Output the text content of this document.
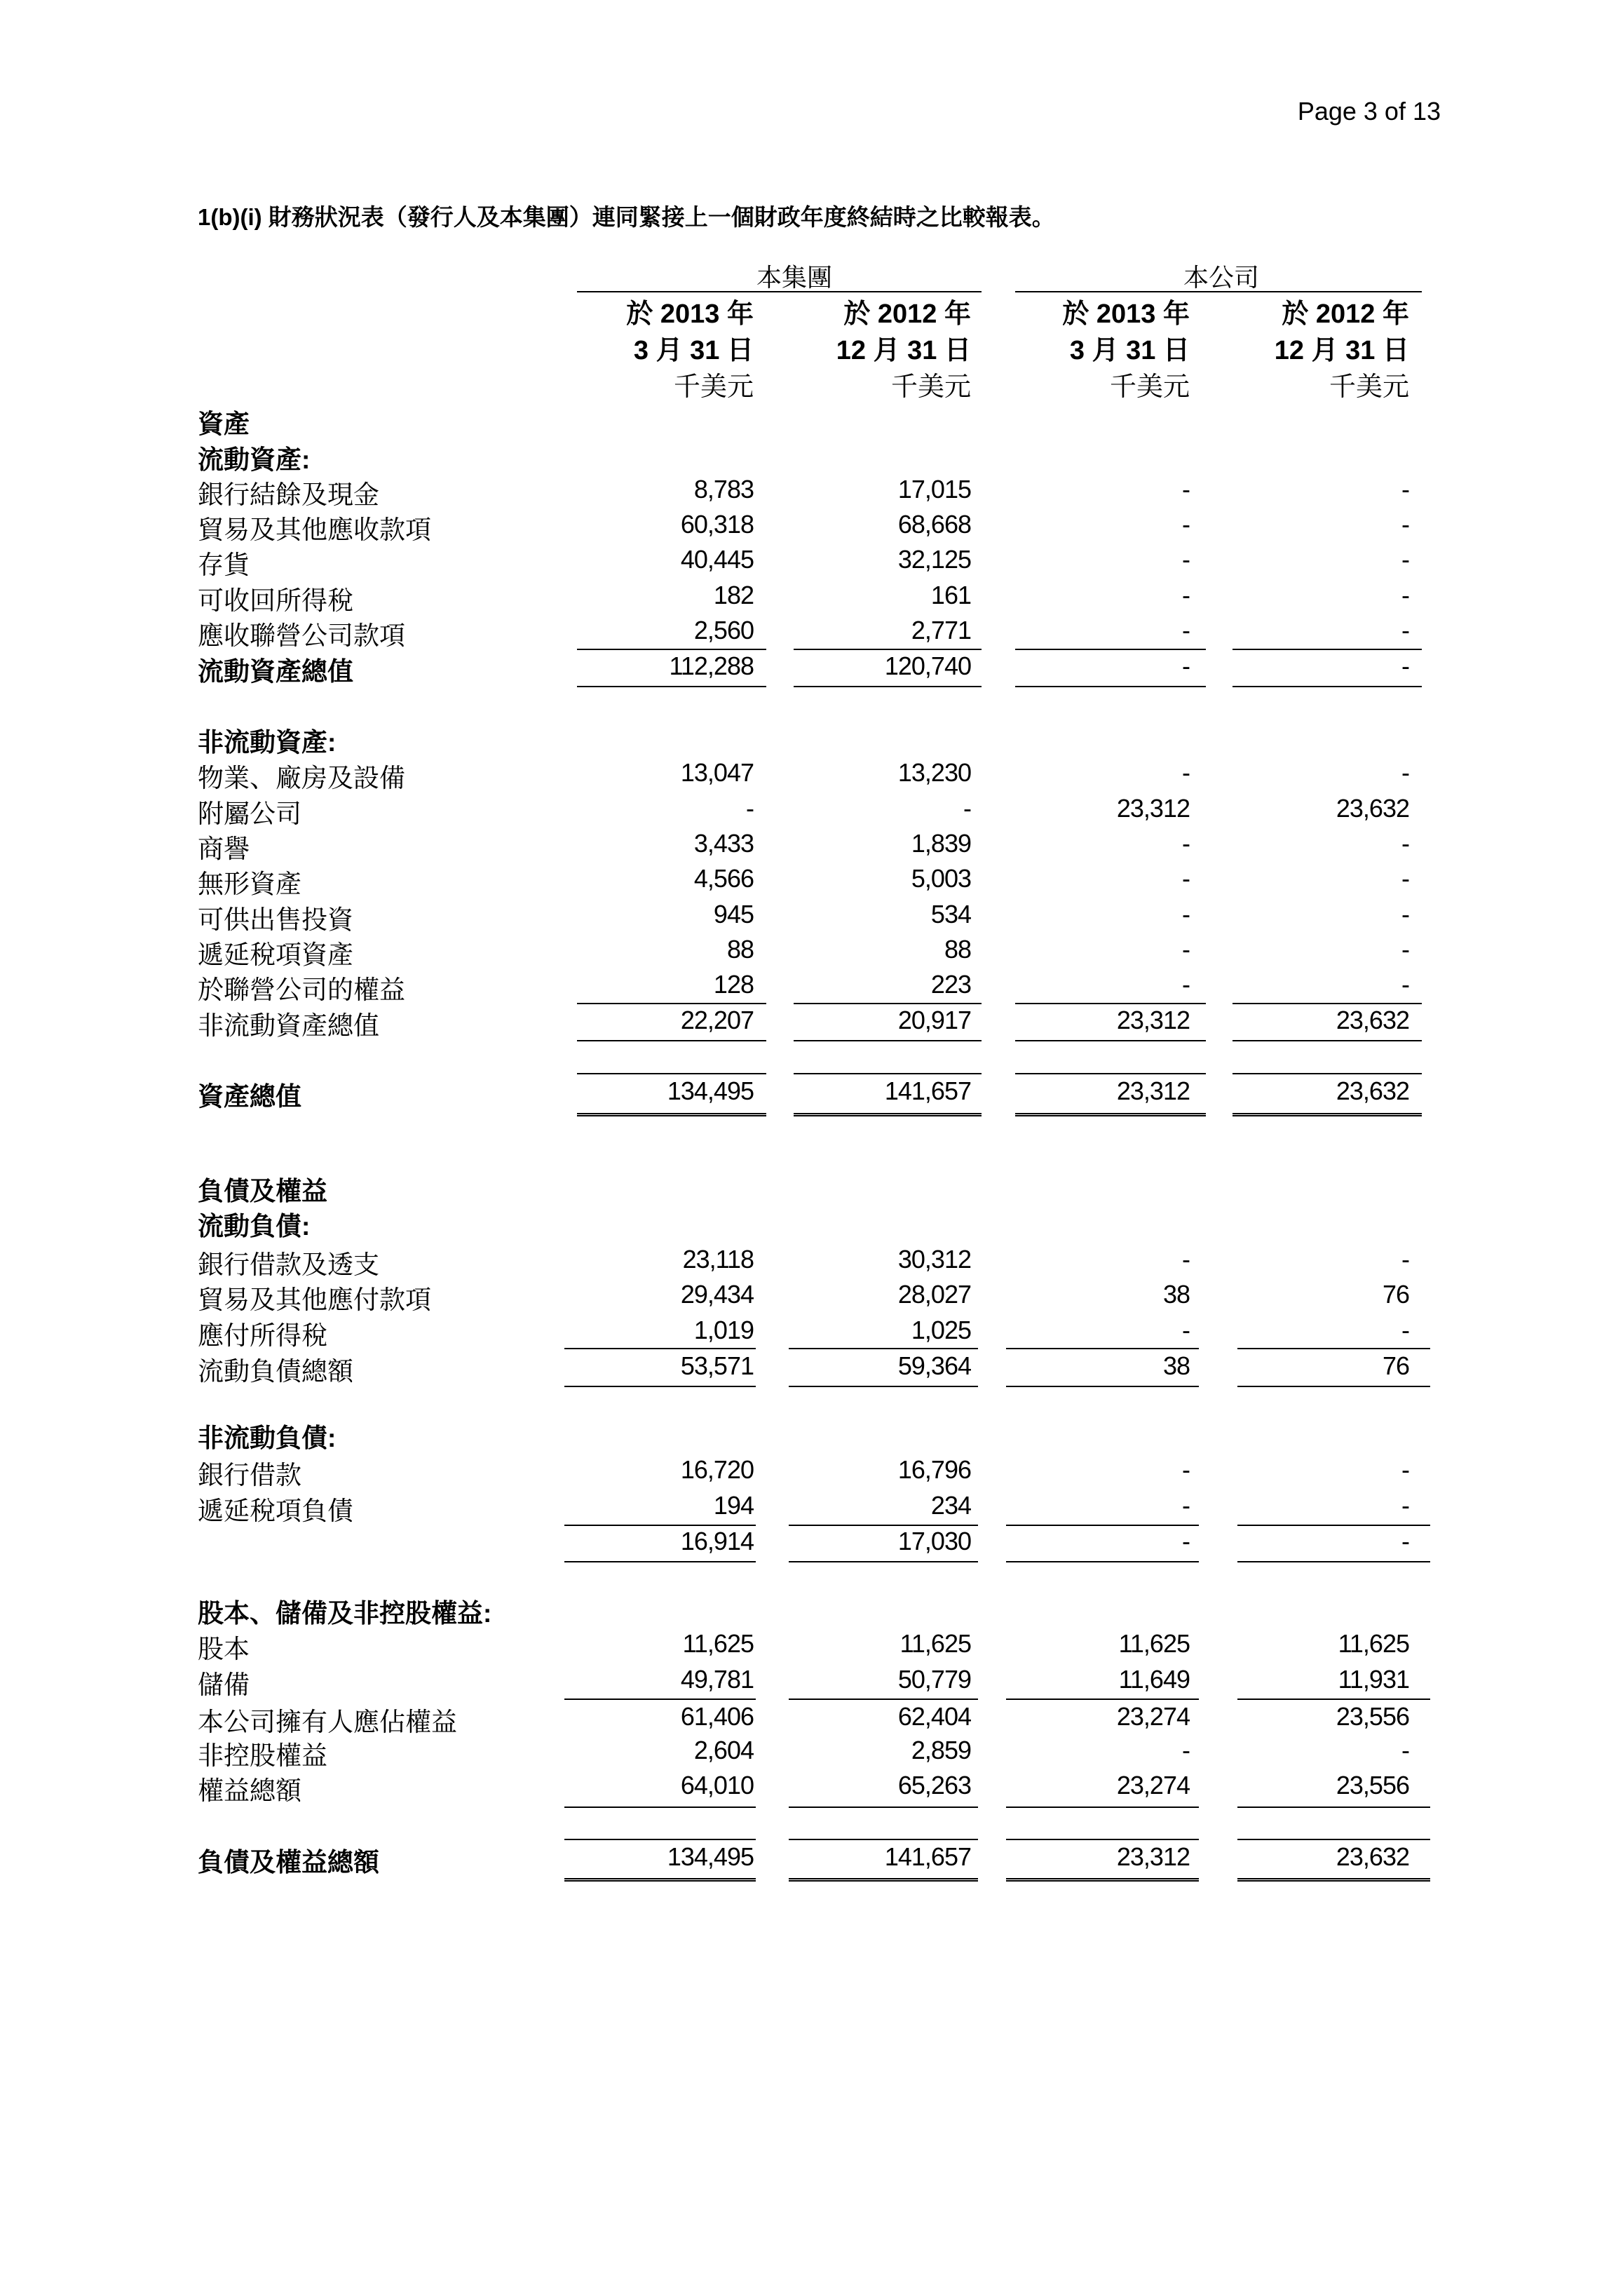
Page 3 of 13
1(b)(i) 財務狀況表（發行人及本集團）連同緊接上一個財政年度終結時之比較報表。
本集團	本公司
於 2013 年
3 月 31 日
千美元
於 2012 年
12 月 31 日
千美元
於 2013 年
3 月 31 日
千美元
於 2012 年
12 月 31 日
千美元
資產
流動資產:
非流動資產:
負債及權益
流動負債:
非流動負債:
股本、儲備及非控股權益:
銀行結餘及現金	8,783	17,015	-	-
貿易及其他應收款項	60,318	68,668	-	-
存貨	40,445	32,125	-	-
可收回所得稅	182	161	-	-
應收聯營公司款項	2,560	2,771	-	-
流動資產總值	112,288	120,740	-	-
物業、廠房及設備	13,047	13,230	-	-
附屬公司	-	-	23,312	23,632
商譽	3,433	1,839	-	-
無形資產	4,566	5,003	-	-
可供出售投資	945	534	-	-
遞延稅項資產	88	88	-	-
於聯營公司的權益	128	223	-	-
非流動資產總值	22,207	20,917	23,312	23,632
資產總值	134,495	141,657	23,312	23,632
銀行借款及透支	23,118	30,312	-	-
貿易及其他應付款項	29,434	28,027	38	76
應付所得稅	1,019	1,025	-	-
流動負債總額	53,571	59,364	38	76
銀行借款	16,720	16,796	-	-
遞延稅項負債	194	234	-	-
16,914	17,030	-	-
股本	11,625	11,625	11,625	11,625
儲備	49,781	50,779	11,649	11,931
本公司擁有人應佔權益	61,406	62,404	23,274	23,556
非控股權益	2,604	2,859	-	-
權益總額	64,010	65,263	23,274	23,556
負債及權益總額	134,495	141,657	23,312	23,632
